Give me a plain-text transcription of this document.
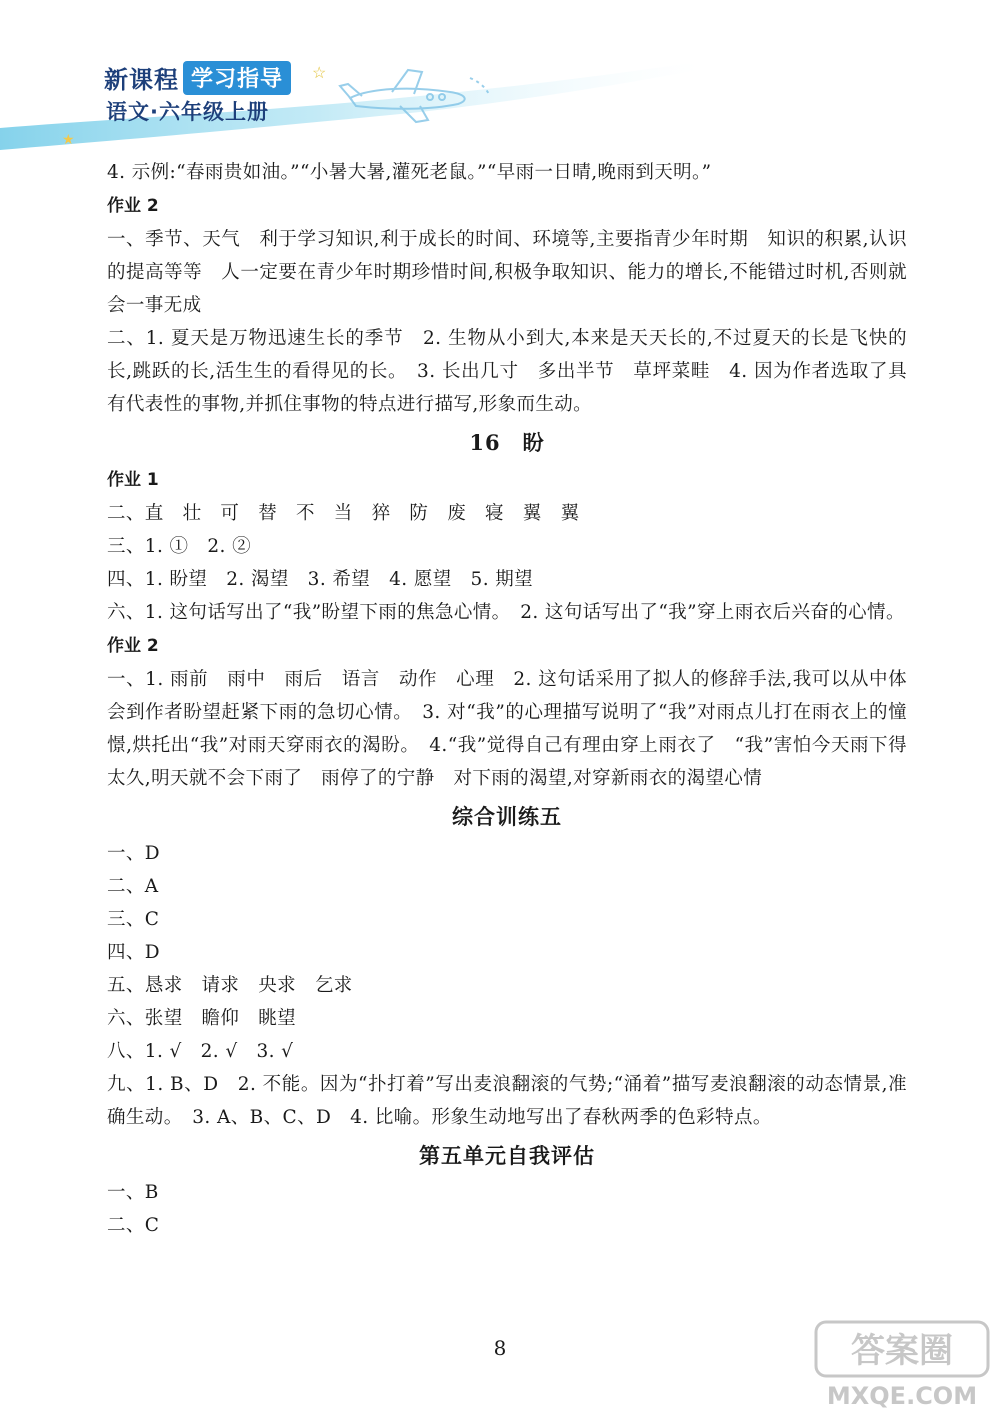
☆
★
新课程 学习指导
语文·六年级上册

4. 示例:“春雨贵如油。”“小暑大暑,灌死老鼠。”“早雨一日晴,晚雨到天明。”

作业 2

一、季节、天气　利于学习知识,利于成长的时间、环境等,主要指青少年时期　知识的积累,认识的提高等等　人一定要在青少年时期珍惜时间,积极争取知识、能力的增长,不能错过时机,否则就会一事无成

二、1. 夏天是万物迅速生长的季节　2. 生物从小到大,本来是天天长的,不过夏天的长是飞快的长,跳跃的长,活生生的看得见的长。　3. 长出几寸　多出半节　草坪菜畦　4. 因为作者选取了具有代表性的事物,并抓住事物的特点进行描写,形象而生动。

16　盼

作业 1

二、直　壮　可　替　不　当　猝　防　废　寝　翼　翼

三、1. ①　2. ②

四、1. 盼望　2. 渴望　3. 希望　4. 愿望　5. 期望

六、1. 这句话写出了“我”盼望下雨的焦急心情。　2. 这句话写出了“我”穿上雨衣后兴奋的心情。

作业 2

一、1. 雨前　雨中　雨后　语言　动作　心理　2. 这句话采用了拟人的修辞手法,我可以从中体会到作者盼望赶紧下雨的急切心情。　3. 对“我”的心理描写说明了“我”对雨点儿打在雨衣上的憧憬,烘托出“我”对雨天穿雨衣的渴盼。　4.“我”觉得自己有理由穿上雨衣了　“我”害怕今天雨下得太久,明天就不会下雨了　雨停了的宁静　对下雨的渴望,对穿新雨衣的渴望心情

综合训练五

一、D

二、A

三、C

四、D

五、恳求　请求　央求　乞求

六、张望　瞻仰　眺望

八、1. √　2. √　3. √

九、1. B、D　2. 不能。因为“扑打着”写出麦浪翻滚的气势;“涌着”描写麦浪翻滚的动态情景,准确生动。　3. A、B、C、D　4. 比喻。形象生动地写出了春秋两季的色彩特点。

第五单元自我评估

一、B

二、C

8	答案圈
MXQE.COM
